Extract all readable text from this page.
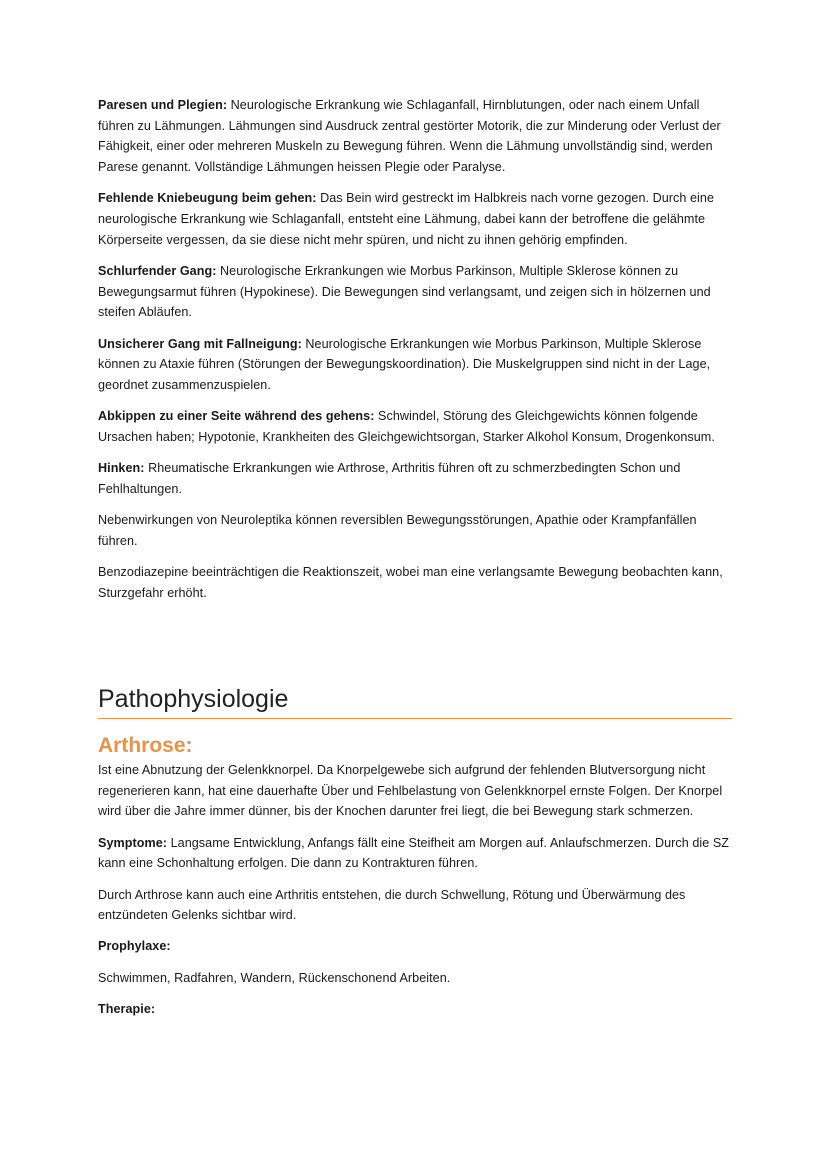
Paresen und Plegien: Neurologische Erkrankung wie Schlaganfall, Hirnblutungen, oder nach einem Unfall führen zu Lähmungen. Lähmungen sind Ausdruck zentral gestörter Motorik, die zur Minderung oder Verlust der Fähigkeit, einer oder mehreren Muskeln zu Bewegung führen. Wenn die Lähmung unvollständig sind, werden Parese genannt. Vollständige Lähmungen heissen Plegie oder Paralyse.

Fehlende Kniebeugung beim gehen: Das Bein wird gestreckt im Halbkreis nach vorne gezogen. Durch eine neurologische Erkrankung wie Schlaganfall, entsteht eine Lähmung, dabei kann der betroffene die gelähmte Körperseite vergessen, da sie diese nicht mehr spüren, und nicht zu ihnen gehörig empfinden.

Schlurfender Gang: Neurologische Erkrankungen wie Morbus Parkinson, Multiple Sklerose können zu Bewegungsarmut führen (Hypokinese). Die Bewegungen sind verlangsamt, und zeigen sich in hölzernen und steifen Abläufen.

Unsicherer Gang mit Fallneigung: Neurologische Erkrankungen wie Morbus Parkinson, Multiple Sklerose können zu Ataxie führen (Störungen der Bewegungskoordination). Die Muskelgruppen sind nicht in der Lage, geordnet zusammenzuspielen.

Abkippen zu einer Seite während des gehens: Schwindel, Störung des Gleichgewichts können folgende Ursachen haben; Hypotonie, Krankheiten des Gleichgewichtsorgan, Starker Alkohol Konsum, Drogenkonsum.

Hinken: Rheumatische Erkrankungen wie Arthrose, Arthritis führen oft zu schmerzbedingten Schon und Fehlhaltungen.

Nebenwirkungen von Neuroleptika können reversiblen Bewegungsstörungen, Apathie oder Krampfanfällen führen.

Benzodiazepine beeinträchtigen die Reaktionszeit, wobei man eine verlangsamte Bewegung beobachten kann, Sturzgefahr erhöht.

Pathophysiologie
Arthrose:

Ist eine Abnutzung der Gelenkknorpel. Da Knorpelgewebe sich aufgrund der fehlenden Blutversorgung nicht regenerieren kann, hat eine dauerhafte Über und Fehlbelastung von Gelenkknorpel ernste Folgen. Der Knorpel wird über die Jahre immer dünner, bis der Knochen darunter frei liegt, die bei Bewegung stark schmerzen.

Symptome: Langsame Entwicklung, Anfangs fällt eine Steifheit am Morgen auf. Anlaufschmerzen. Durch die SZ kann eine Schonhaltung erfolgen. Die dann zu Kontrakturen führen.

Durch Arthrose kann auch eine Arthritis entstehen, die durch Schwellung, Rötung und Überwärmung des entzündeten Gelenks sichtbar wird.

Prophylaxe:

Schwimmen, Radfahren, Wandern, Rückenschonend Arbeiten.

Therapie:
